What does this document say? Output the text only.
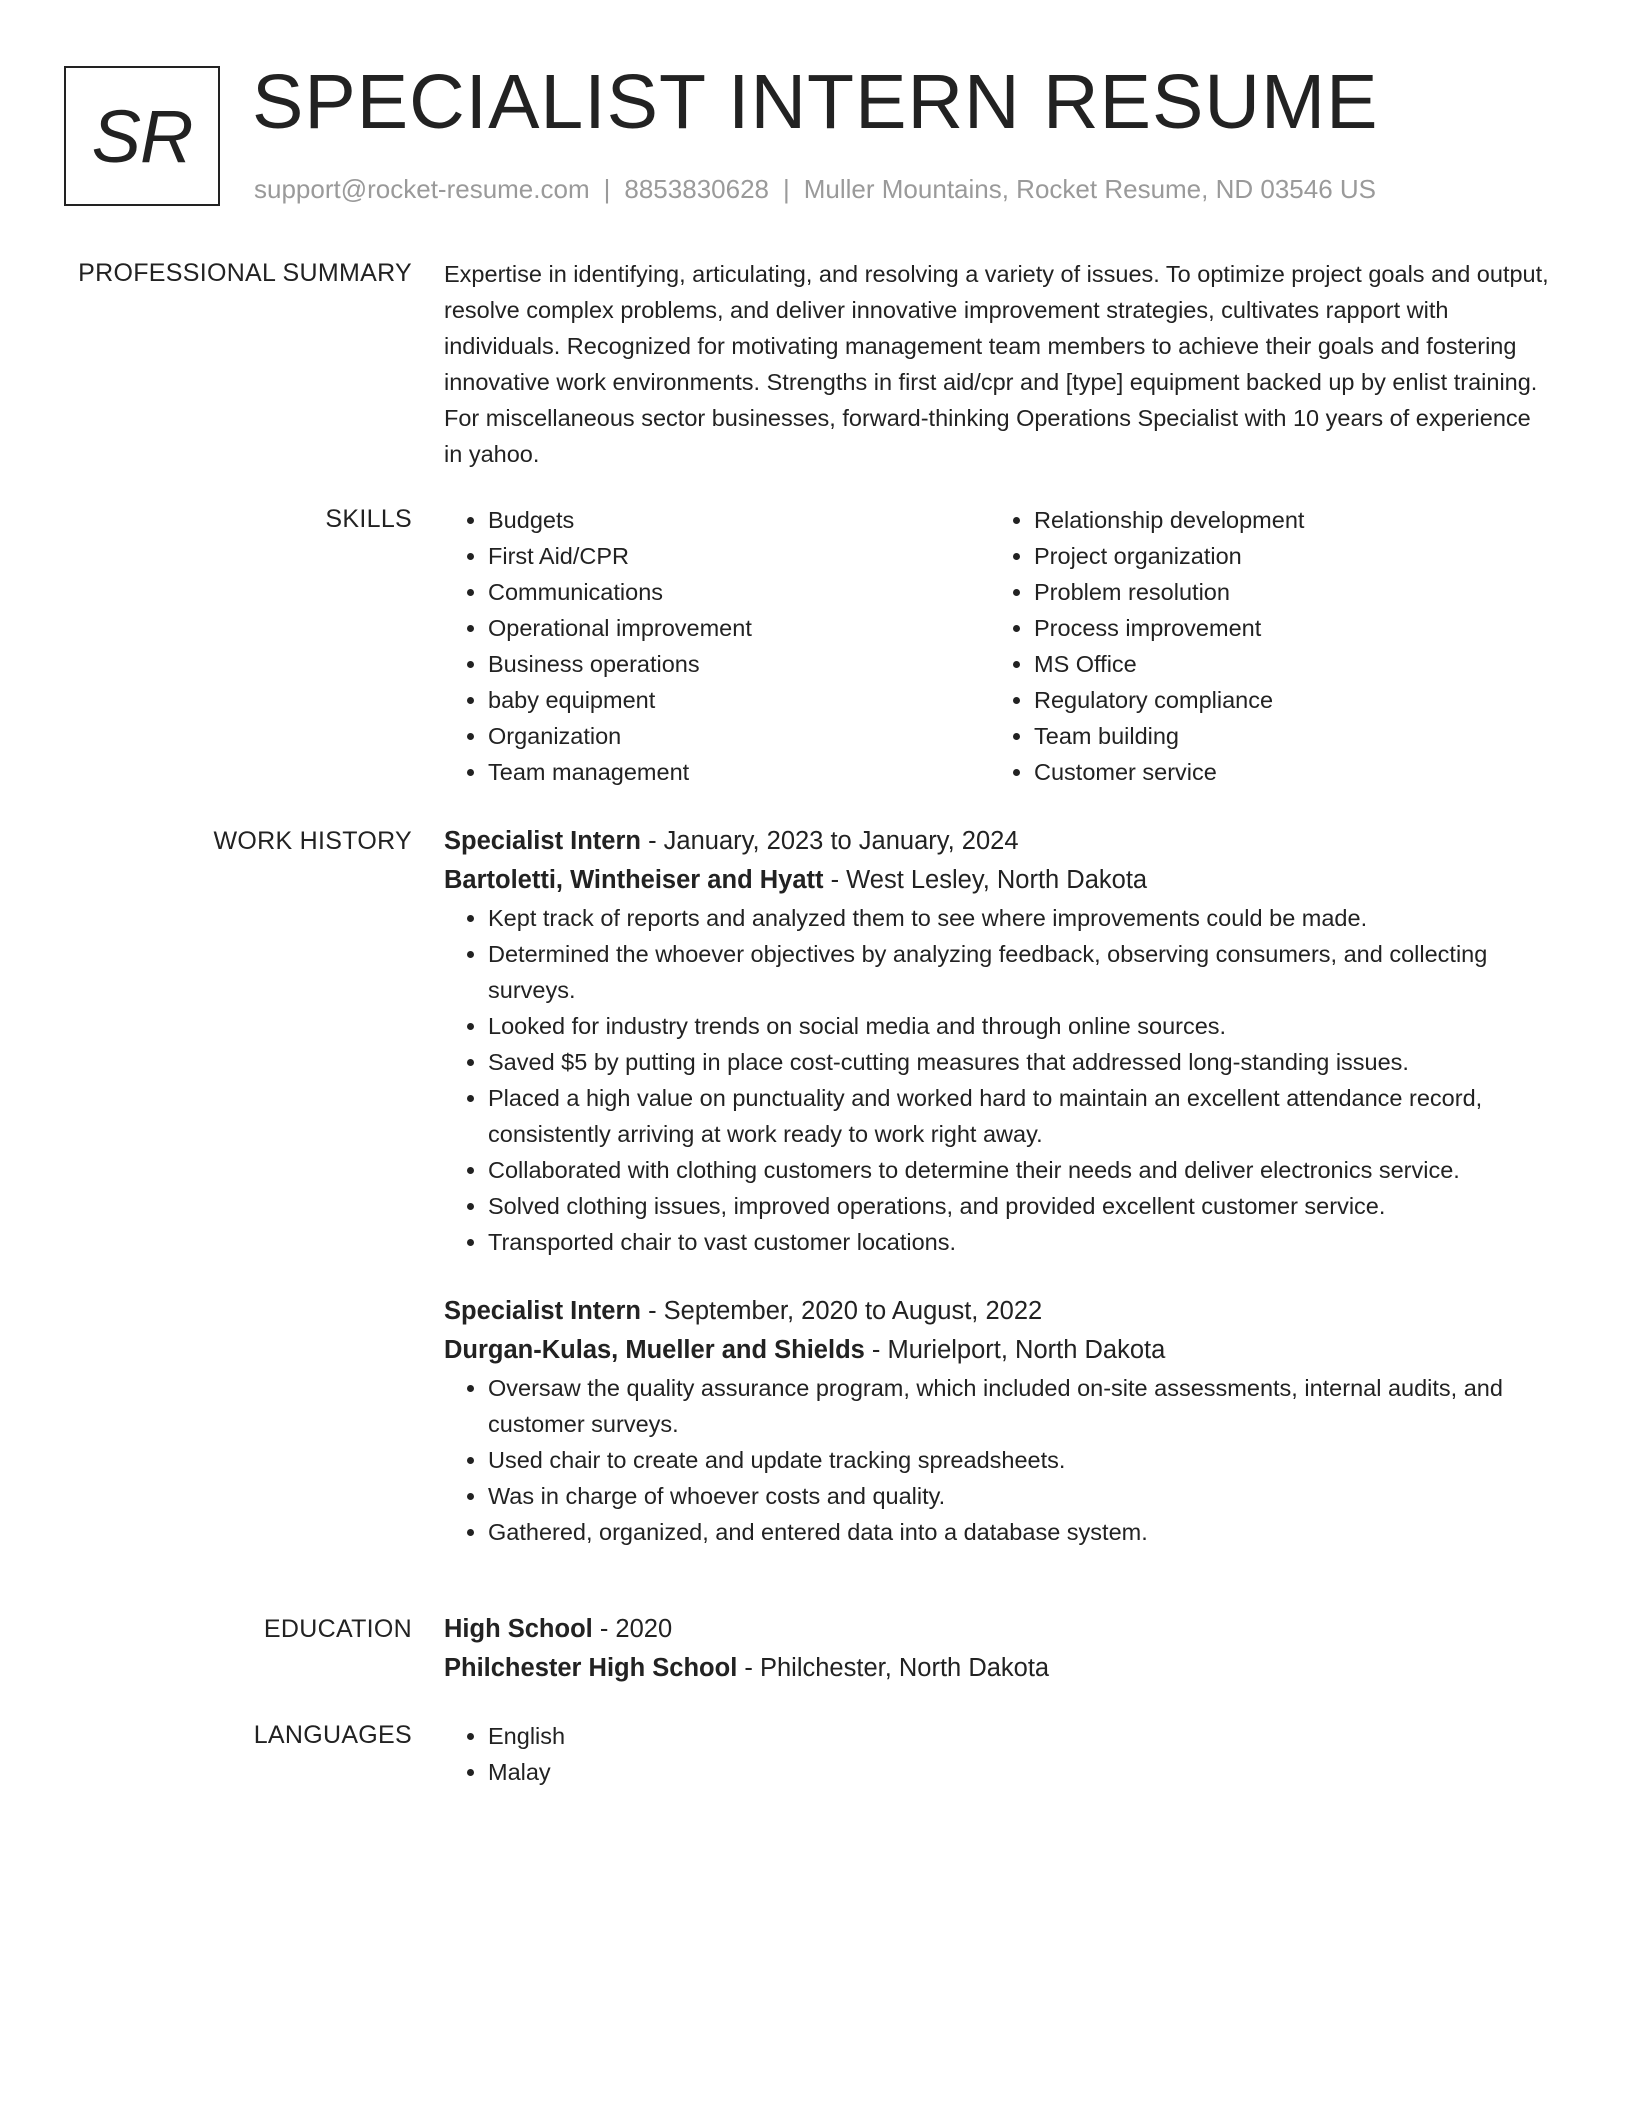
SR SPECIALIST INTERN RESUME
support@rocket-resume.com | 8853830628 | Muller Mountains, Rocket Resume, ND 03546 US
PROFESSIONAL SUMMARY Expertise in identifying, articulating, and resolving a variety of issues. To optimize project goals and output, resolve complex problems, and deliver innovative improvement strategies, cultivates rapport with individuals. Recognized for motivating management team members to achieve their goals and fostering innovative work environments. Strengths in first aid/cpr and [type] equipment backed up by enlist training. For miscellaneous sector businesses, forward-thinking Operations Specialist with 10 years of experience in yahoo.

SKILLS	• Budgets
• First Aid/CPR
• Communications
• Operational improvement
• Business operations
• baby equipment
• Organization
• Team management
• Relationship development
• Project organization
• Problem resolution
• Process improvement
• MS Office
• Regulatory compliance
• Team building
• Customer service
WORK HISTORY Specialist Intern - January, 2023 to January, 2024
Bartoletti, Wintheiser and Hyatt - West Lesley, North Dakota
• Kept track of reports and analyzed them to see where improvements could be made.
• Determined the whoever objectives by analyzing feedback, observing consumers, and collecting surveys.
• Looked for industry trends on social media and through online sources.
• Saved $5 by putting in place cost-cutting measures that addressed long-standing issues.
• Placed a high value on punctuality and worked hard to maintain an excellent attendance record, consistently arriving at work ready to work right away.
• Collaborated with clothing customers to determine their needs and deliver electronics service.
• Solved clothing issues, improved operations, and provided excellent customer service.
• Transported chair to vast customer locations.
Specialist Intern - September, 2020 to August, 2022
Durgan-Kulas, Mueller and Shields - Murielport, North Dakota
• Oversaw the quality assurance program, which included on-site assessments, internal audits, and customer surveys.
• Used chair to create and update tracking spreadsheets.
• Was in charge of whoever costs and quality.
• Gathered, organized, and entered data into a database system.
EDUCATION High School - 2020
Philchester High School - Philchester, North Dakota
LANGUAGES	• English
• Malay
